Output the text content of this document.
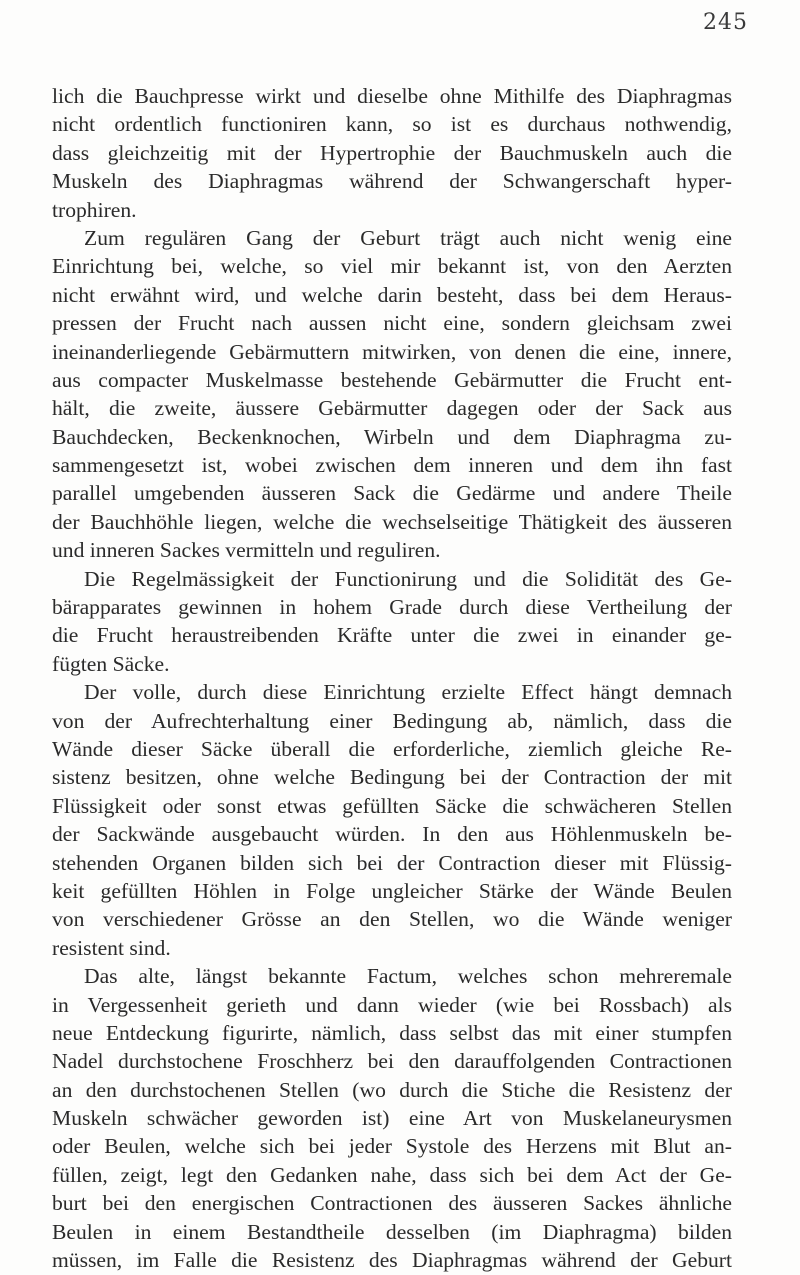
245
lich die Bauchpresse wirkt und dieselbe ohne Mithilfe des Diaphragmas
nicht ordentlich functioniren kann, so ist es durchaus nothwendig,
dass gleichzeitig mit der Hypertrophie der Bauchmuskeln auch die
Muskeln des Diaphragmas während der Schwangerschaft hyper-
trophiren.
Zum regulären Gang der Geburt trägt auch nicht wenig eine
Einrichtung bei, welche, so viel mir bekannt ist, von den Aerzten
nicht erwähnt wird, und welche darin besteht, dass bei dem Heraus-
pressen der Frucht nach aussen nicht eine, sondern gleichsam zwei
ineinanderliegende Gebärmuttern mitwirken, von denen die eine, innere,
aus compacter Muskelmasse bestehende Gebärmutter die Frucht ent-
hält, die zweite, äussere Gebärmutter dagegen oder der Sack aus
Bauchdecken, Beckenknochen, Wirbeln und dem Diaphragma zu-
sammengesetzt ist, wobei zwischen dem inneren und dem ihn fast
parallel umgebenden äusseren Sack die Gedärme und andere Theile
der Bauchhöhle liegen, welche die wechselseitige Thätigkeit des äusseren
und inneren Sackes vermitteln und reguliren.
Die Regelmässigkeit der Functionirung und die Solidität des Ge-
bärapparates gewinnen in hohem Grade durch diese Vertheilung der
die Frucht heraustreibenden Kräfte unter die zwei in einander ge-
fügten Säcke.
Der volle, durch diese Einrichtung erzielte Effect hängt demnach
von der Aufrechterhaltung einer Bedingung ab, nämlich, dass die
Wände dieser Säcke überall die erforderliche, ziemlich gleiche Re-
sistenz besitzen, ohne welche Bedingung bei der Contraction der mit
Flüssigkeit oder sonst etwas gefüllten Säcke die schwächeren Stellen
der Sackwände ausgebaucht würden. In den aus Höhlenmuskeln be-
stehenden Organen bilden sich bei der Contraction dieser mit Flüssig-
keit gefüllten Höhlen in Folge ungleicher Stärke der Wände Beulen
von verschiedener Grösse an den Stellen, wo die Wände weniger
resistent sind.
Das alte, längst bekannte Factum, welches schon mehreremale
in Vergessenheit gerieth und dann wieder (wie bei Rossbach) als
neue Entdeckung figurirte, nämlich, dass selbst das mit einer stumpfen
Nadel durchstochene Froschherz bei den darauffolgenden Contractionen
an den durchstochenen Stellen (wo durch die Stiche die Resistenz der
Muskeln schwächer geworden ist) eine Art von Muskelaneurysmen
oder Beulen, welche sich bei jeder Systole des Herzens mit Blut an-
füllen, zeigt, legt den Gedanken nahe, dass sich bei dem Act der Ge-
burt bei den energischen Contractionen des äusseren Sackes ähnliche
Beulen in einem Bestandtheile desselben (im Diaphragma) bilden
müssen, im Falle die Resistenz des Diaphragmas während der Geburt
